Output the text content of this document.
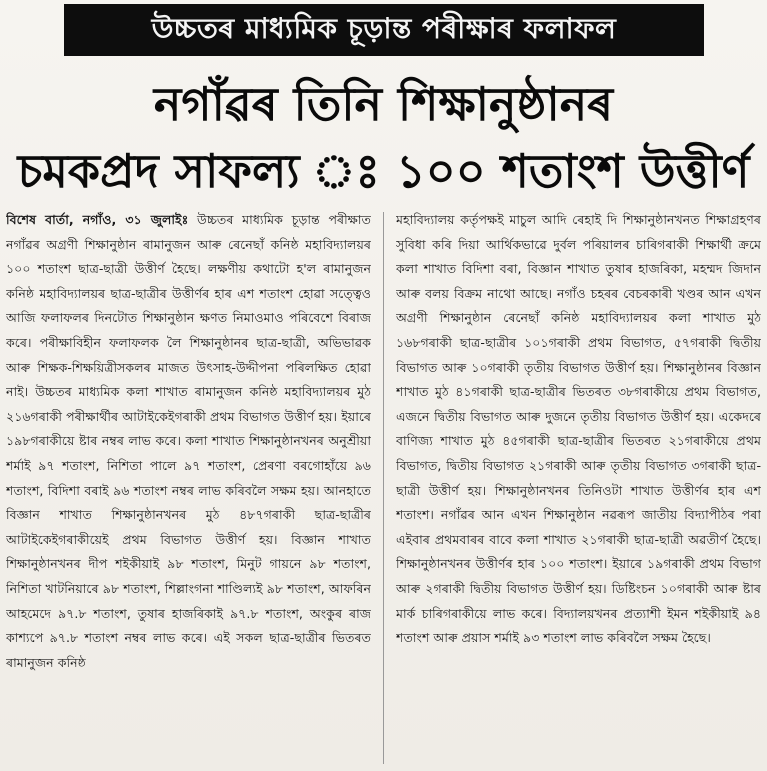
উচ্চতৰ মাধ্যমিক চূড়ান্ত পৰীক্ষাৰ ফলাফল
নগাঁৱৰ তিনি শিক্ষানুষ্ঠানৰ
চমকপ্ৰদ সাফল্য ঃ ১০০ শতাংশ উত্তীৰ্ণ

বিশেষ বাৰ্তা, নগাঁও, ৩১ জুলাইঃ উচ্চতৰ মাধ্যমিক চূড়ান্ত পৰীক্ষাত নগাঁৱৰ অগ্ৰণী শিক্ষানুষ্ঠান ৰামানুজন আৰু ৰেনেছাঁ কনিষ্ঠ মহাবিদ্যালয়ৰ ১০০ শতাংশ ছাত্ৰ-ছাত্ৰী উত্তীৰ্ণ হৈছে। লক্ষণীয় কথাটো হ'ল ৰামানুজন কনিষ্ঠ মহাবিদ্যালয়ৰ ছাত্ৰ-ছাত্ৰীৰ উত্তীৰ্ণৰ হাৰ এশ শতাংশ হোৱা সত্ত্বেও আজি ফলাফলৰ দিনটোত শিক্ষানুষ্ঠান ক্ষণত নিমাওমাও পৰিবেশে বিৰাজ কৰে। পৰীক্ষাবিহীন ফলাফলক লৈ শিক্ষানুষ্ঠানৰ ছাত্ৰ-ছাত্ৰী, অভিভাৱক আৰু শিক্ষক-শিক্ষয়িত্ৰীসকলৰ মাজত উৎসাহ-উদ্দীপনা পৰিলক্ষিত হোৱা নাই। উচ্চতৰ মাধ্যমিক কলা শাখাত ৰামানুজন কনিষ্ঠ মহাবিদ্যালয়ৰ মুঠ ২১৬গৰাকী পৰীক্ষাৰ্থীৰ আটাইকেইগৰাকী প্ৰথম বিভাগত উত্তীৰ্ণ হয়। ইয়াৰে ১৯৮গৰাকীয়ে ষ্টাৰ নম্বৰ লাভ কৰে। কলা শাখাত শিক্ষানুষ্ঠানখনৰ অনুশ্ৰীয়া শৰ্মাই ৯৭ শতাংশ, নিশিতা পালে ৯৭ শতাংশ, প্ৰেৰণা বৰগোহাঁয়ে ৯৬ শতাংশ, বিদিশা বৰাই ৯৬ শতাংশ নম্বৰ লাভ কৰিবলৈ সক্ষম হয়। আনহাতে বিজ্ঞান শাখাত শিক্ষানুষ্ঠানখনৰ মুঠ ৪৮৭গৰাকী ছাত্ৰ-ছাত্ৰীৰ আটাইকেইগৰাকীয়েই প্ৰথম বিভাগত উত্তীৰ্ণ হয়। বিজ্ঞান শাখাত শিক্ষানুষ্ঠানখনৰ দীপ শইকীয়াই ৯৮ শতাংশ, মিনুট গায়নে ৯৮ শতাংশ, নিশিতা খাটনিয়াৰে ৯৮ শতাংশ, শিল্লাংগনা শাণ্ডিল্যই ৯৮ শতাংশ, আফৰিন আহমেদে ৯৭.৮ শতাংশ, তুষাৰ হাজৰিকাই ৯৭.৮ শতাংশ, অংকুৰ ৰাজ কাশ্যপে ৯৭.৮ শতাংশ নম্বৰ লাভ কৰে। এই সকল ছাত্ৰ-ছাত্ৰীৰ ভিতৰত ৰামানুজন কনিষ্ঠ

মহাবিদ্যালয় কৰ্তৃপক্ষই মাচুল আদি ৰেহাই দি শিক্ষানুষ্ঠানখনত শিক্ষাগ্ৰহণৰ সুবিধা কৰি দিয়া আৰ্থিকভাৱে দুৰ্বল পৰিয়ালৰ চাৰিগৰাকী শিক্ষাৰ্থী ক্ৰমে কলা শাখাত বিদিশা বৰা, বিজ্ঞান শাখাত তুষাৰ হাজৰিকা, মহম্মদ জিদান আৰু বলয় বিক্ৰম নাথো আছে। নগাঁও চহৰৰ বেচৰকাৰী খণ্ডৰ আন এখন অগ্ৰণী শিক্ষানুষ্ঠান ৰেনেছাঁ কনিষ্ঠ মহাবিদ্যালয়ৰ কলা শাখাত মুঠ ১৬৮গৰাকী ছাত্ৰ-ছাত্ৰীৰ ১০১গৰাকী প্ৰথম বিভাগত, ৫৭গৰাকী দ্বিতীয় বিভাগত আৰু ১০গৰাকী তৃতীয় বিভাগত উত্তীৰ্ণ হয়। শিক্ষানুষ্ঠানৰ বিজ্ঞান শাখাত মুঠ ৪১গৰাকী ছাত্ৰ-ছাত্ৰীৰ ভিতৰত ৩৮গৰাকীয়ে প্ৰথম বিভাগত, এজনে দ্বিতীয় বিভাগত আৰু দুজনে তৃতীয় বিভাগত উত্তীৰ্ণ হয়। একেদৰে বাণিজ্য শাখাত মুঠ ৪৫গৰাকী ছাত্ৰ-ছাত্ৰীৰ ভিতৰত ২১গৰাকীয়ে প্ৰথম বিভাগত, দ্বিতীয় বিভাগত ২১গৰাকী আৰু তৃতীয় বিভাগত ৩গৰাকী ছাত্ৰ-ছাত্ৰী উত্তীৰ্ণ হয়। শিক্ষানুষ্ঠানখনৰ তিনিওটা শাখাত উত্তীৰ্ণৰ হাৰ এশ শতাংশ। নগাঁৱৰ আন এখন শিক্ষানুষ্ঠান নৱৰূপ জাতীয় বিদ্যাপীঠৰ পৰা এইবাৰ প্ৰথমবাৰৰ বাবে কলা শাখাত ২১গৰাকী ছাত্ৰ-ছাত্ৰী অৱতীৰ্ণ হৈছে। শিক্ষানুষ্ঠানখনৰ উত্তীৰ্ণৰ হাৰ ১০০ শতাংশ। ইয়াৰে ১৯গৰাকী প্ৰথম বিভাগ আৰু ২গৰাকী দ্বিতীয় বিভাগত উত্তীৰ্ণ হয়। ডিষ্টিংচন ১০গৰাকী আৰু ষ্টাৰ মাৰ্ক চাৰিগৰাকীয়ে লাভ কৰে। বিদ্যালয়খনৰ প্ৰত্যাশী ইমন শইকীয়াই ৯৪ শতাংশ আৰু প্ৰয়াস শৰ্মাই ৯৩ শতাংশ লাভ কৰিবলৈ সক্ষম হৈছে।
